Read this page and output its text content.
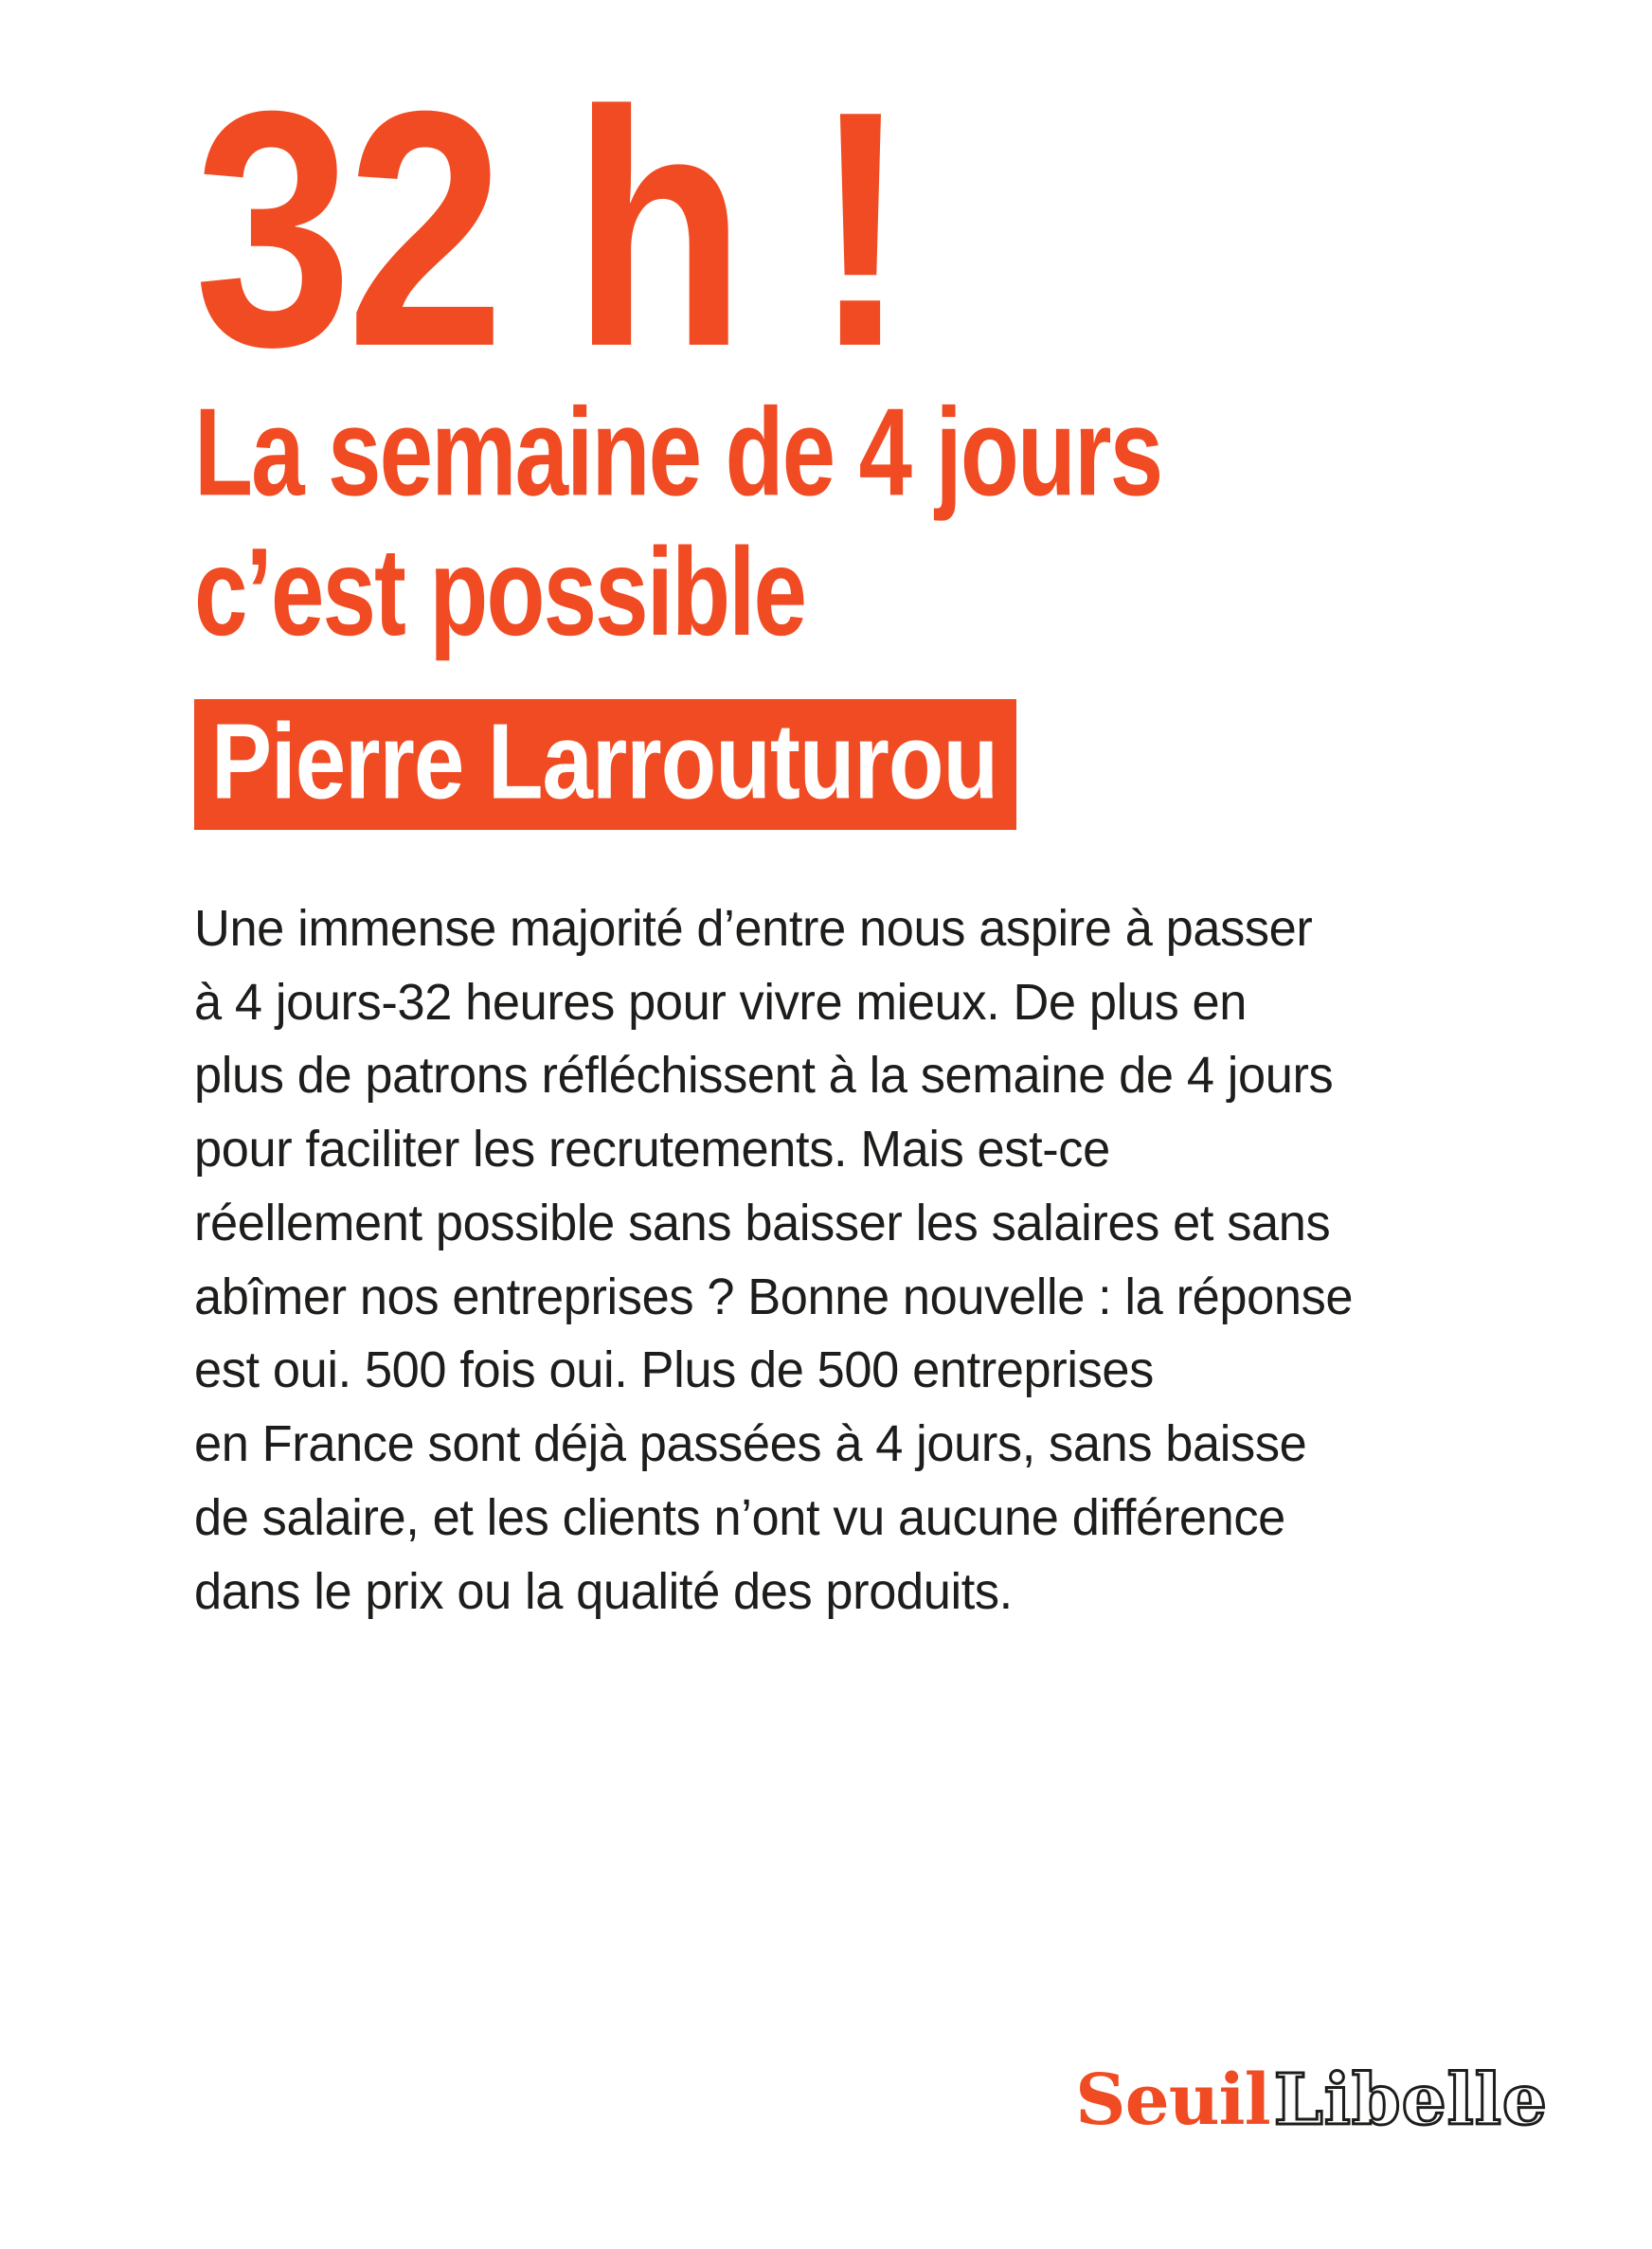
32 h !
La semaine de 4 jours
c’est possible
Pierre Larrouturou
Une immense majorité d’entre nous aspire à passer
à 4 jours-32 heures pour vivre mieux. De plus en
plus de patrons réfléchissent à la semaine de 4 jours
pour faciliter les recrutements. Mais est-ce
réellement possible sans baisser les salaires et sans
abîmer nos entreprises ? Bonne nouvelle : la réponse
est oui. 500 fois oui. Plus de 500 entreprises
en France sont déjà passées à 4 jours, sans baisse
de salaire, et les clients n’ont vu aucune différence
dans le prix ou la qualité des produits.
Seuil Libelle
